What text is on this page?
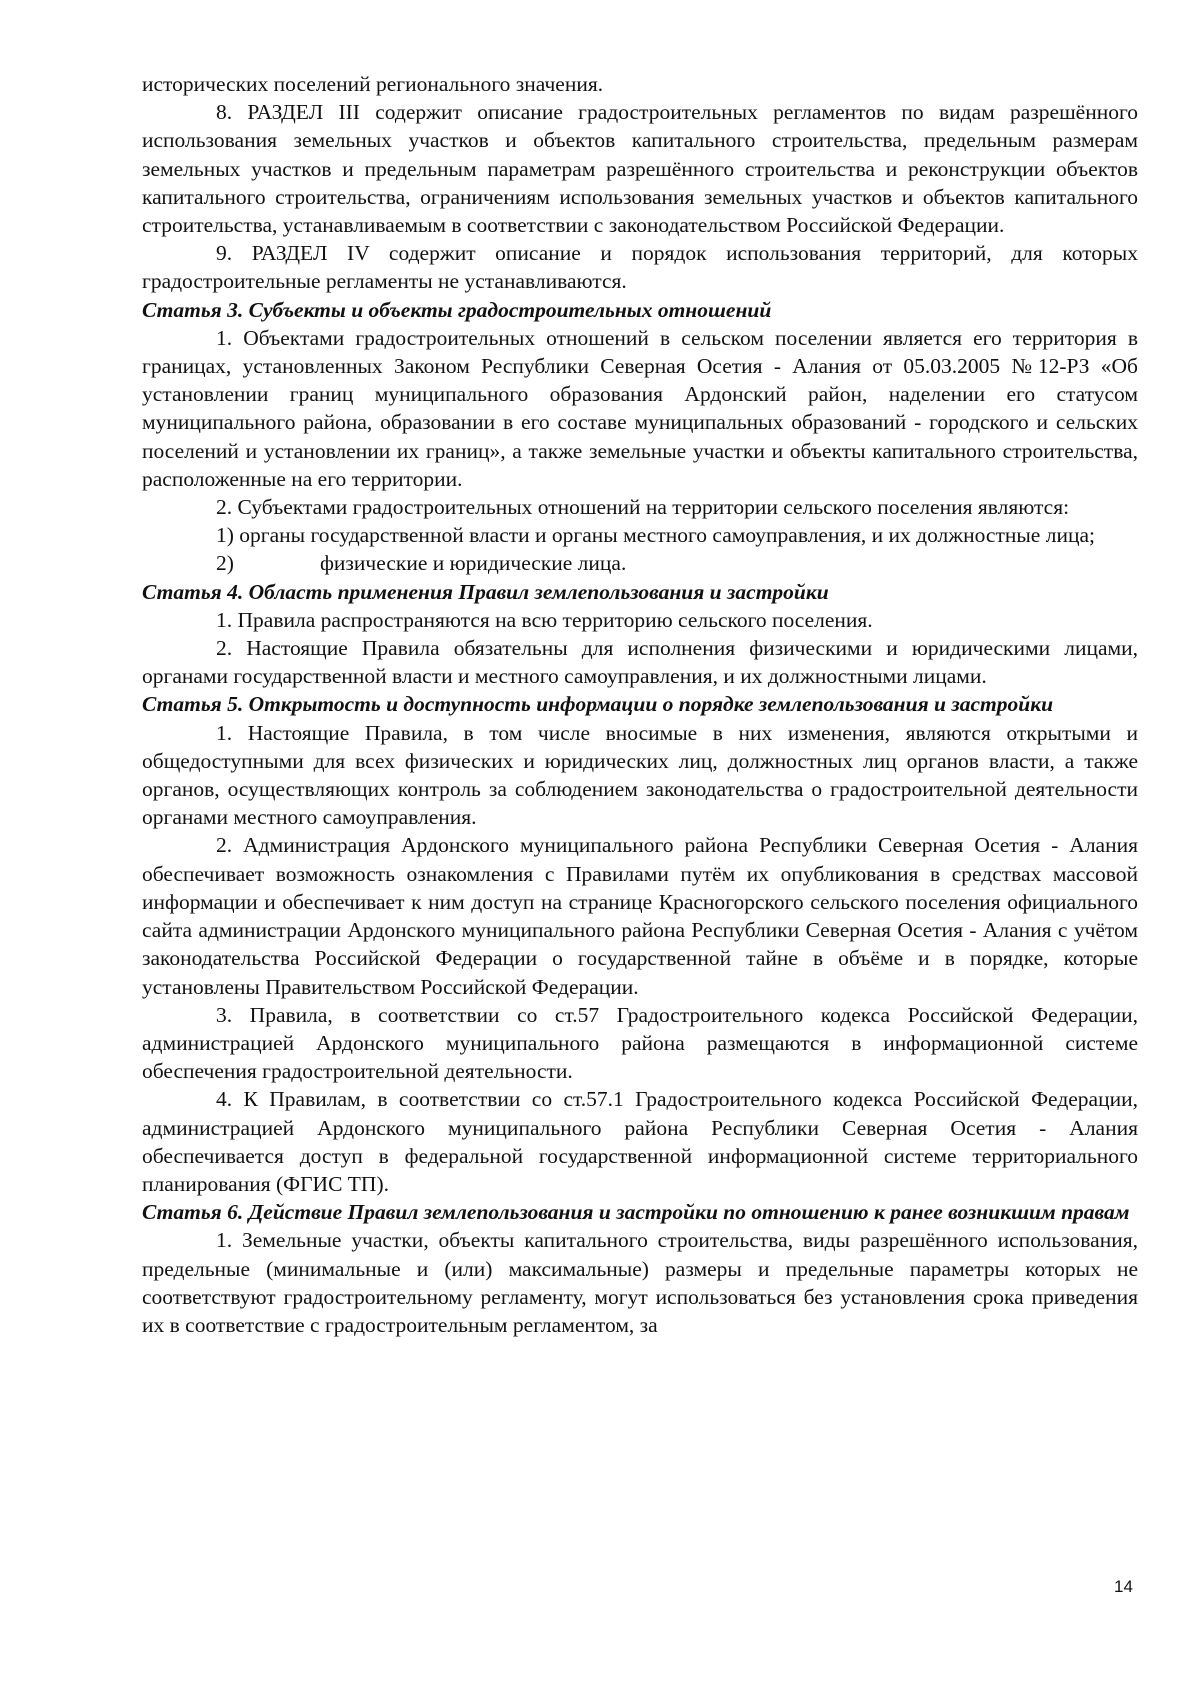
исторических поселений регионального значения.

8. РАЗДЕЛ III содержит описание градостроительных регламентов по видам разрешённого использования земельных участков и объектов капитального строительства, предельным размерам земельных участков и предельным параметрам разрешённого строительства и реконструкции объектов капитального строительства, ограничениям использования земельных участков и объектов капитального строительства, устанавливаемым в соответствии с законодательством Российской Федерации.

9. РАЗДЕЛ IV содержит описание и порядок использования территорий, для которых градостроительные регламенты не устанавливаются.

Статья 3. Субъекты и объекты градостроительных отношений

1. Объектами градостроительных отношений в сельском поселении является его территория в границах, установленных Законом Республики Северная Осетия - Алания от 05.03.2005 №12-РЗ «Об установлении границ муниципального образования Ардонский район, наделении его статусом муниципального района, образовании в его составе муниципальных образований - городского и сельских поселений и установлении их границ», а также земельные участки и объекты капитального строительства, расположенные на его территории.

2. Субъектами градостроительных отношений на территории сельского поселения являются:

1) органы государственной власти и органы местного самоуправления, и их должностные лица;

2)	физические и юридические лица.

Статья 4. Область применения Правил землепользования и застройки

1. Правила распространяются на всю территорию сельского поселения.

2. Настоящие Правила обязательны для исполнения физическими и юридическими лицами, органами государственной власти и местного самоуправления, и их должностными лицами.

Статья 5. Открытость и доступность информации о порядке землепользования и застройки

1. Настоящие Правила, в том числе вносимые в них изменения, являются открытыми и общедоступными для всех физических и юридических лиц, должностных лиц органов власти, а также органов, осуществляющих контроль за соблюдением законодательства о градостроительной деятельности органами местного самоуправления.

2. Администрация Ардонского муниципального района Республики Северная Осетия - Алания обеспечивает возможность ознакомления с Правилами путём их опубликования в средствах массовой информации и обеспечивает к ним доступ на странице Красногорского сельского поселения официального сайта администрации Ардонского муниципального района Республики Северная Осетия - Алания с учётом законодательства Российской Федерации о государственной тайне в объёме и в порядке, которые установлены Правительством Российской Федерации.

3. Правила, в соответствии со ст.57 Градостроительного кодекса Российской Федерации, администрацией Ардонского муниципального района размещаются в информационной системе обеспечения градостроительной деятельности.

4. К Правилам, в соответствии со ст.57.1 Градостроительного кодекса Российской Федерации, администрацией Ардонского муниципального района Республики Северная Осетия - Алания обеспечивается доступ в федеральной государственной информационной системе территориального планирования (ФГИС ТП).

Статья 6. Действие Правил землепользования и застройки по отношению к ранее возникшим правам

1. Земельные участки, объекты капитального строительства, виды разрешённого использования, предельные (минимальные и (или) максимальные) размеры и предельные параметры которых не соответствуют градостроительному регламенту, могут использоваться без установления срока приведения их в соответствие с градостроительным регламентом, за

14
